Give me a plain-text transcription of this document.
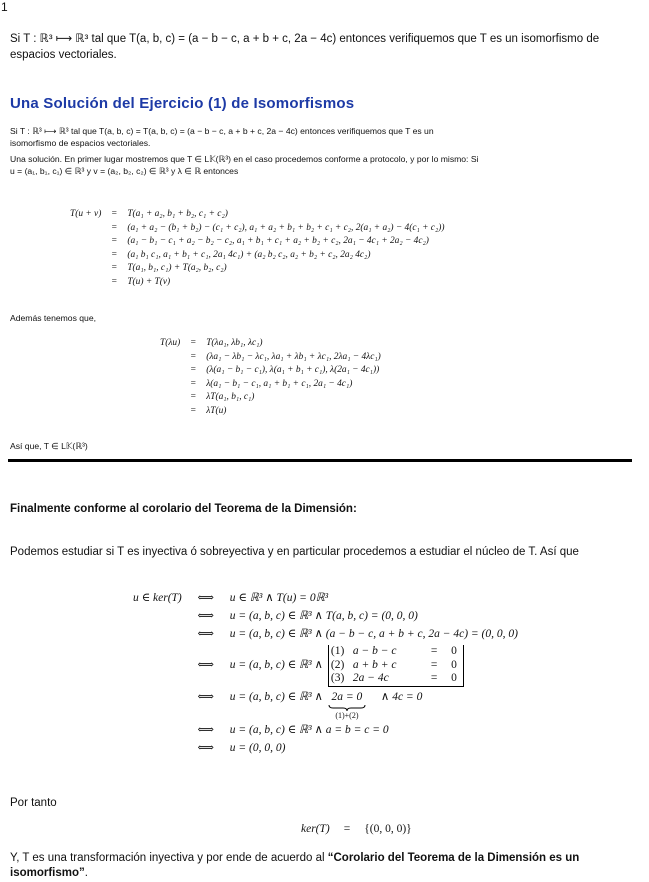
1
Si T : ℝ³ ⟼ ℝ³ tal que T(a, b, c) = (a − b − c, a + b + c, 2a − 4c) entonces verifiquemos que T es un isomorfismo de
espacios vectoriales.
Una Solución del Ejercicio (1) de Isomorfismos
Si T : ℝ³ ⟼ ℝ³ tal que T(a, b, c) = T(a, b, c) = (a − b − c, a + b + c, 2a − 4c) entonces verifiquemos que T es un
isomorfismo de espacios vectoriales.
Una solución. En primer lugar mostremos que T ∈ L𝕂(ℝ³) en el caso procedemos conforme a protocolo, y por lo mismo: Si
u = (a₁, b₁, c₁) ∈ ℝ³ y v = (a₂, b₂, c₂) ∈ ℝ³ y λ ∈ ℝ entonces
T(u + v)	=	T(a₁ + a₂, b₁ + b₂, c₁ + c₂)
=	(a₁ + a₂ − (b₁ + b₂) − (c₁ + c₂), a₁ + a₂ + b₁ + b₂ + c₁ + c₂, 2(a₁ + a₂) − 4(c₁ + c₂))
=	(a₁ − b₁ − c₁ + a₂ − b₂ − c₂, a₁ + b₁ + c₁ + a₂ + b₂ + c₂, 2a₁ − 4c₁ + 2a₂ − 4c₂)
=	(a₁ b₁ c₁, a₁ + b₁ + c₁, 2a₁ 4c₁) + (a₂ b₂ c₂, a₂ + b₂ + c₂, 2a₂ 4c₂)
=	T(a₁, b₁, c₁) + T(a₂, b₂, c₂)
=	T(u) + T(v)
Además tenemos que,
T(λu)	=	T(λa₁, λb₁, λc₁)
=	(λa₁ − λb₁ − λc₁, λa₁ + λb₁ + λc₁, 2λa₁ − 4λc₁)
=	(λ(a₁ − b₁ − c₁), λ(a₁ + b₁ + c₁), λ(2a₁ − 4c₁))
=	λ(a₁ − b₁ − c₁, a₁ + b₁ + c₁, 2a₁ − 4c₁)
=	λT(a₁, b₁, c₁)
=	λT(u)
Así que, T ∈ L𝕂(ℝ³)
Finalmente conforme al corolario del Teorema de la Dimensión:
Podemos estudiar si T es inyectiva ó sobreyectiva y en particular procedemos a estudiar el núcleo de T. Así que
u ∈ ker(T)	⟺	u ∈ ℝ³ ∧ T(u) = 0ℝ³
⟺	u = (a, b, c) ∈ ℝ³ ∧ T(a, b, c) = (0, 0, 0)
⟺	u = (a, b, c) ∈ ℝ³ ∧ (a − b − c, a + b + c, 2a − 4c) = (0, 0, 0)
⟺	u = (a, b, c) ∈ ℝ³ ∧
(1) a − b − c	=	0
(2) a + b + c	=	0
(3) 2a − 4c	=	0
⟺	u = (a, b, c) ∈ ℝ³ ∧ 2a = 0
(1)+(2)
∧ 4c = 0
⟺	u = (a, b, c) ∈ ℝ³ ∧ a = b = c = 0
⟺	u = (0, 0, 0)
Por tanto
ker(T) = {(0, 0, 0)}
Y, T es una transformación inyectiva y por ende de acuerdo al “Corolario del Teorema de la Dimensión es un
isomorfismo”.
